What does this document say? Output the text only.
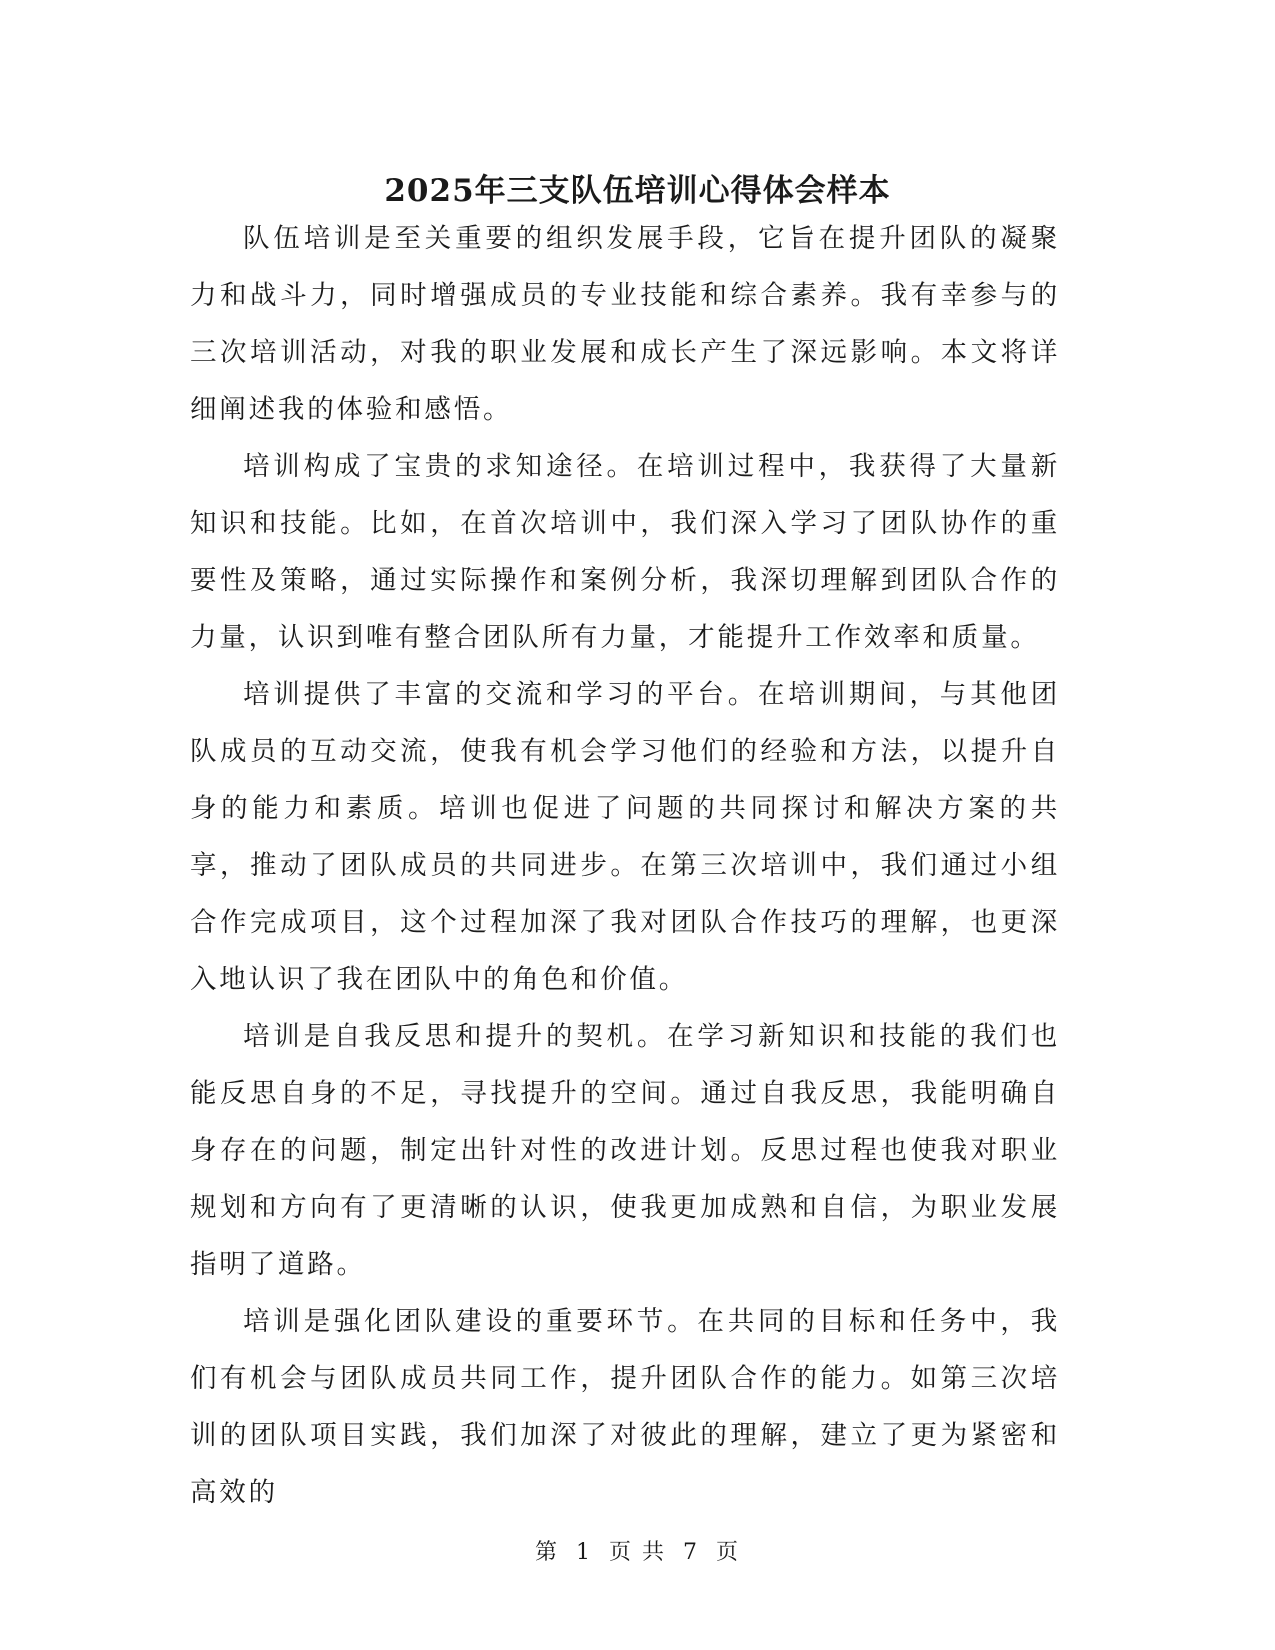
2025年三支队伍培训心得体会样本

队伍培训是至关重要的组织发展手段，它旨在提升团队的凝聚力和战斗力，同时增强成员的专业技能和综合素养。我有幸参与的三次培训活动，对我的职业发展和成长产生了深远影响。本文将详细阐述我的体验和感悟。

培训构成了宝贵的求知途径。在培训过程中，我获得了大量新知识和技能。比如，在首次培训中，我们深入学习了团队协作的重要性及策略，通过实际操作和案例分析，我深切理解到团队合作的力量，认识到唯有整合团队所有力量，才能提升工作效率和质量。

培训提供了丰富的交流和学习的平台。在培训期间，与其他团队成员的互动交流，使我有机会学习他们的经验和方法，以提升自身的能力和素质。培训也促进了问题的共同探讨和解决方案的共享，推动了团队成员的共同进步。在第三次培训中，我们通过小组合作完成项目，这个过程加深了我对团队合作技巧的理解，也更深入地认识了我在团队中的角色和价值。

培训是自我反思和提升的契机。在学习新知识和技能的我们也能反思自身的不足，寻找提升的空间。通过自我反思，我能明确自身存在的问题，制定出针对性的改进计划。反思过程也使我对职业规划和方向有了更清晰的认识，使我更加成熟和自信，为职业发展指明了道路。

培训是强化团队建设的重要环节。在共同的目标和任务中，我们有机会与团队成员共同工作，提升团队合作的能力。如第三次培训的团队项目实践，我们加深了对彼此的理解，建立了更为紧密和高效的

第 1 页 共 7 页
